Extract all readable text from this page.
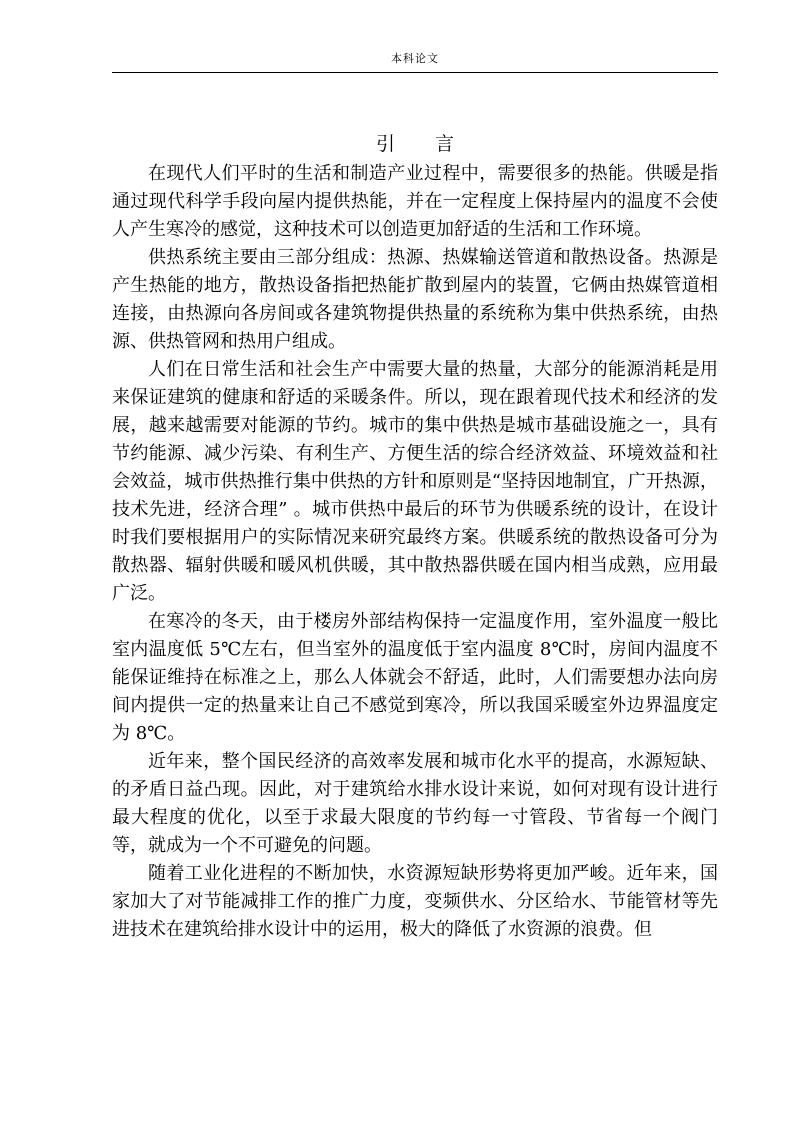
本科论文
引言

在现代人们平时的生活和制造产业过程中，需要很多的热能。供暖是指通过现代科学手段向屋内提供热能，并在一定程度上保持屋内的温度不会使人产生寒冷的感觉，这种技术可以创造更加舒适的生活和工作环境。

供热系统主要由三部分组成：热源、热媒输送管道和散热设备。热源是产生热能的地方，散热设备指把热能扩散到屋内的装置，它俩由热媒管道相连接，由热源向各房间或各建筑物提供热量的系统称为集中供热系统，由热源、供热管网和热用户组成。

人们在日常生活和社会生产中需要大量的热量，大部分的能源消耗是用来保证建筑的健康和舒适的采暖条件。所以，现在跟着现代技术和经济的发展，越来越需要对能源的节约。城市的集中供热是城市基础设施之一，具有节约能源、减少污染、有利生产、方便生活的综合经济效益、环境效益和社会效益，城市供热推行集中供热的方针和原则是“坚持因地制宜，广开热源，技术先进，经济合理” 。城市供热中最后的环节为供暖系统的设计，在设计时我们要根据用户的实际情况来研究最终方案。供暖系统的散热设备可分为散热器、辐射供暖和暖风机供暖，其中散热器供暖在国内相当成熟，应用最广泛。

在寒冷的冬天，由于楼房外部结构保持一定温度作用，室外温度一般比室内温度低 5℃左右，但当室外的温度低于室内温度 8℃时，房间内温度不能保证维持在标准之上，那么人体就会不舒适，此时，人们需要想办法向房间内提供一定的热量来让自己不感觉到寒冷，所以我国采暖室外边界温度定为 8℃。

近年来，整个国民经济的高效率发展和城市化水平的提高，水源短缺、的矛盾日益凸现。因此，对于建筑给水排水设计来说，如何对现有设计进行最大程度的优化，以至于求最大限度的节约每一寸管段、节省每一个阀门等，就成为一个不可避免的问题。

随着工业化进程的不断加快，水资源短缺形势将更加严峻。近年来，国家加大了对节能减排工作的推广力度，变频供水、分区给水、节能管材等先进技术在建筑给排水设计中的运用，极大的降低了水资源的浪费。但
